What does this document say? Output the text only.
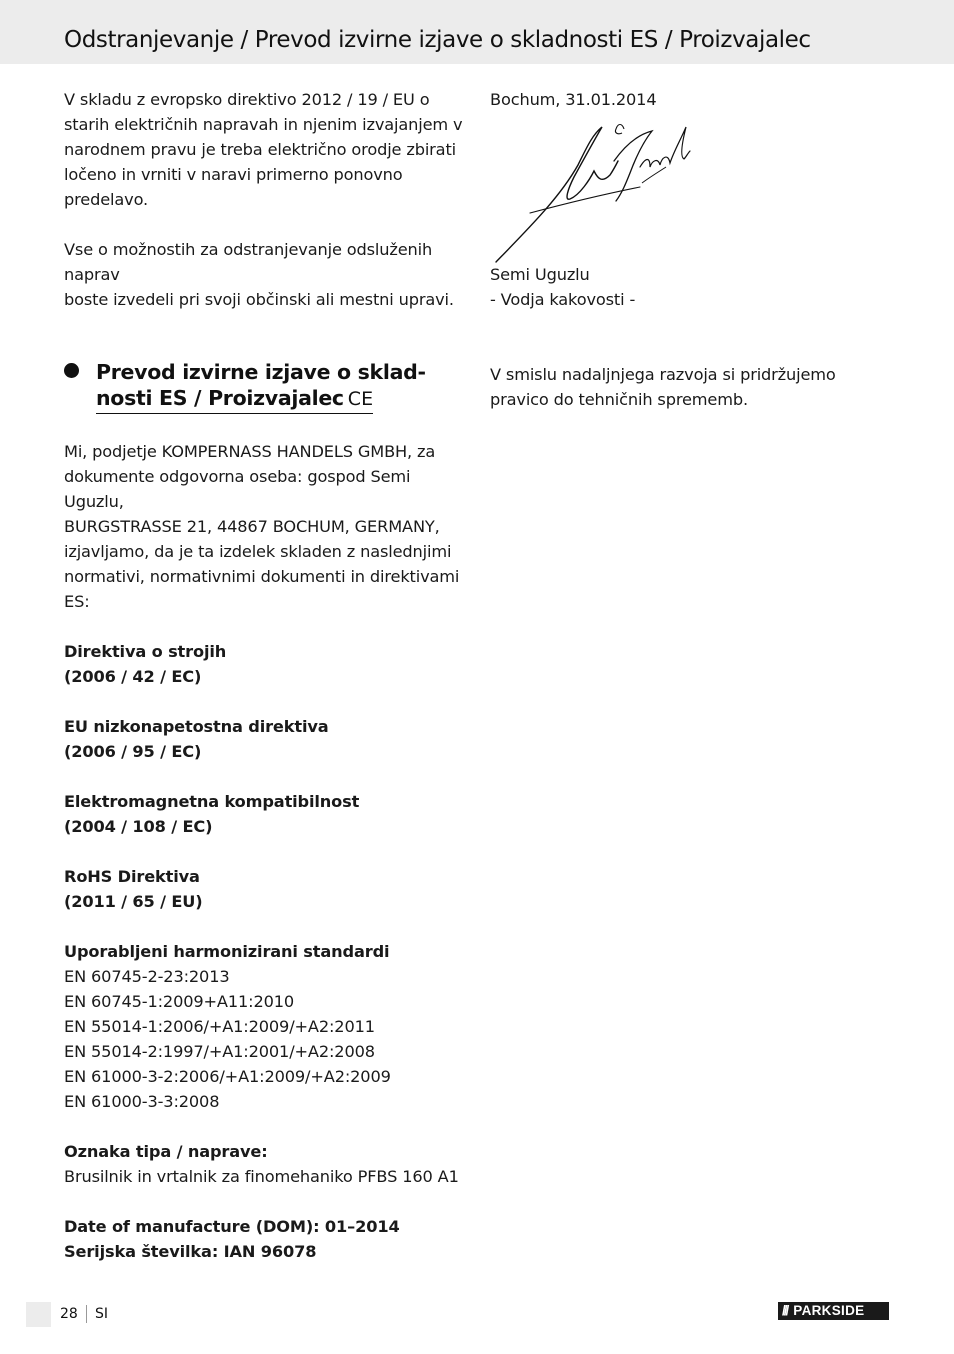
Odstranjevanje / Prevod izvirne izjave o skladnosti ES / Proizvajalec

V skladu z evropsko direktivo 2012 / 19 / EU o
starih električnih napravah in njenim izvajanjem v
narodnem pravu je treba električno orodje zbirati
ločeno in vrniti v naravi primerno ponovno predelavo.

Vse o možnostih za odstranjevanje odsluženih naprav
boste izvedeli pri svoji občinski ali mestni upravi.

Prevod izvirne izjave o sklad-
nosti ES / Proizvajalec CE

Mi, podjetje KOMPERNASS HANDELS GMBH, za
dokumente odgovorna oseba: gospod Semi Uguzlu,
BURGSTRASSE 21, 44867 BOCHUM, GERMANY,
izjavljamo, da je ta izdelek skladen z naslednjimi
normativi, normativnimi dokumenti in direktivami ES:

Direktiva o strojih
(2006 / 42 / EC)

EU nizkonapetostna direktiva
(2006 / 95 / EC)

Elektromagnetna kompatibilnost
(2004 / 108 / EC)

RoHS Direktiva
(2011 / 65 / EU)

Uporabljeni harmonizirani standardi
EN 60745-2-23:2013
EN 60745-1:2009+A11:2010
EN 55014-1:2006/+A1:2009/+A2:2011
EN 55014-2:1997/+A1:2001/+A2:2008
EN 61000-3-2:2006/+A1:2009/+A2:2009
EN 61000-3-3:2008

Oznaka tipa / naprave:
Brusilnik in vrtalnik za finomehaniko PFBS 160 A1

Date of manufacture (DOM): 01–2014
Serijska številka: IAN 96078

Bochum, 31.01.2014

Semi Uguzlu
- Vodja kakovosti -

V smislu nadaljnjega razvoja si pridržujemo
pravico do tehničnih sprememb.

28 SI	/// PARKSIDE
